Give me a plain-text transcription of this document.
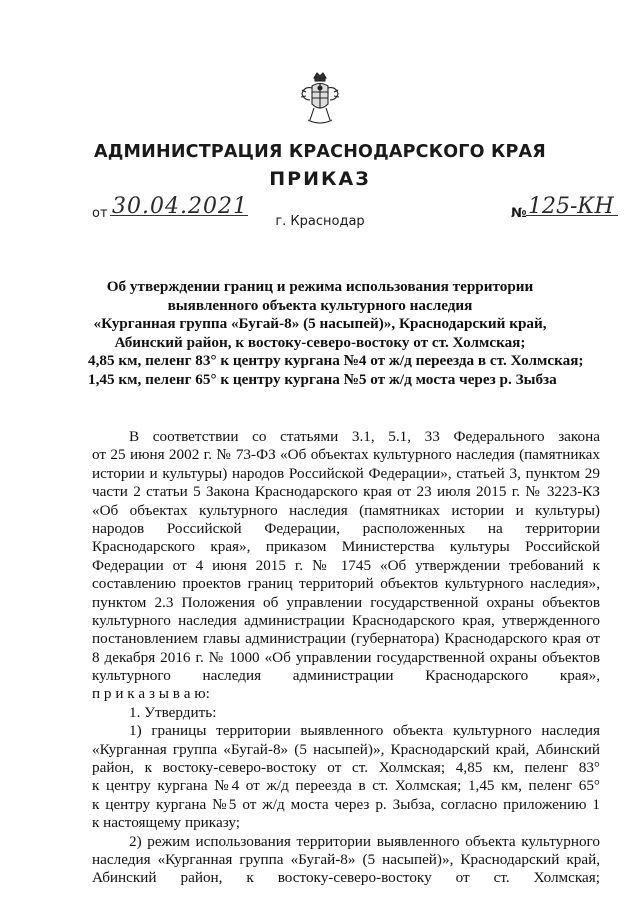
АДМИНИСТРАЦИЯ КРАСНОДАРСКОГО КРАЯ
ПРИКАЗ
от 30.04.2021	№ 125-КН
г. Краснодар
Об утверждении границ и режима использования территории
выявленного объекта культурного наследия
«Курганная группа «Бугай-8» (5 насыпей)», Краснодарский край,
Абинский район, к востоку-северо-востоку от ст. Холмская;
4,85 км, пеленг 83° к центру кургана №4 от ж/д переезда в ст. Холмская;
1,45 км, пеленг 65° к центру кургана №5 от ж/д моста через р. Зыбза
В соответствии со статьями 3.1, 5.1, 33 Федерального закона
от 25 июня 2002 г. № 73-ФЗ «Об объектах культурного наследия (памятниках
истории и культуры) народов Российской Федерации», статьей 3, пунктом 29
части 2 статьи 5 Закона Краснодарского края от 23 июля 2015 г. № 3223-КЗ
«Об объектах культурного наследия (памятниках истории и культуры)
народов Российской Федерации, расположенных на территории
Краснодарского края», приказом Министерства культуры Российской
Федерации от 4 июня 2015 г. № 1745 «Об утверждении требований к
составлению проектов границ территорий объектов культурного наследия»,
пунктом 2.3 Положения об управлении государственной охраны объектов
культурного наследия администрации Краснодарского края, утвержденного
постановлением главы администрации (губернатора) Краснодарского края от
8 декабря 2016 г. № 1000 «Об управлении государственной охраны объектов
культурного наследия администрации Краснодарского края»,
п р и к а з ы в а ю:
1. Утвердить:
1) границы территории выявленного объекта культурного наследия
«Курганная группа «Бугай-8» (5 насыпей)», Краснодарский край, Абинский
район, к востоку-северо-востоку от ст. Холмская; 4,85 км, пеленг 83°
к центру кургана №4 от ж/д переезда в ст. Холмская; 1,45 км, пеленг 65°
к центру кургана №5 от ж/д моста через р. Зыбза, согласно приложению 1
к настоящему приказу;
2) режим использования территории выявленного объекта культурного
наследия «Курганная группа «Бугай-8» (5 насыпей)», Краснодарский край,
Абинский район, к востоку-северо-востоку от ст. Холмская;
